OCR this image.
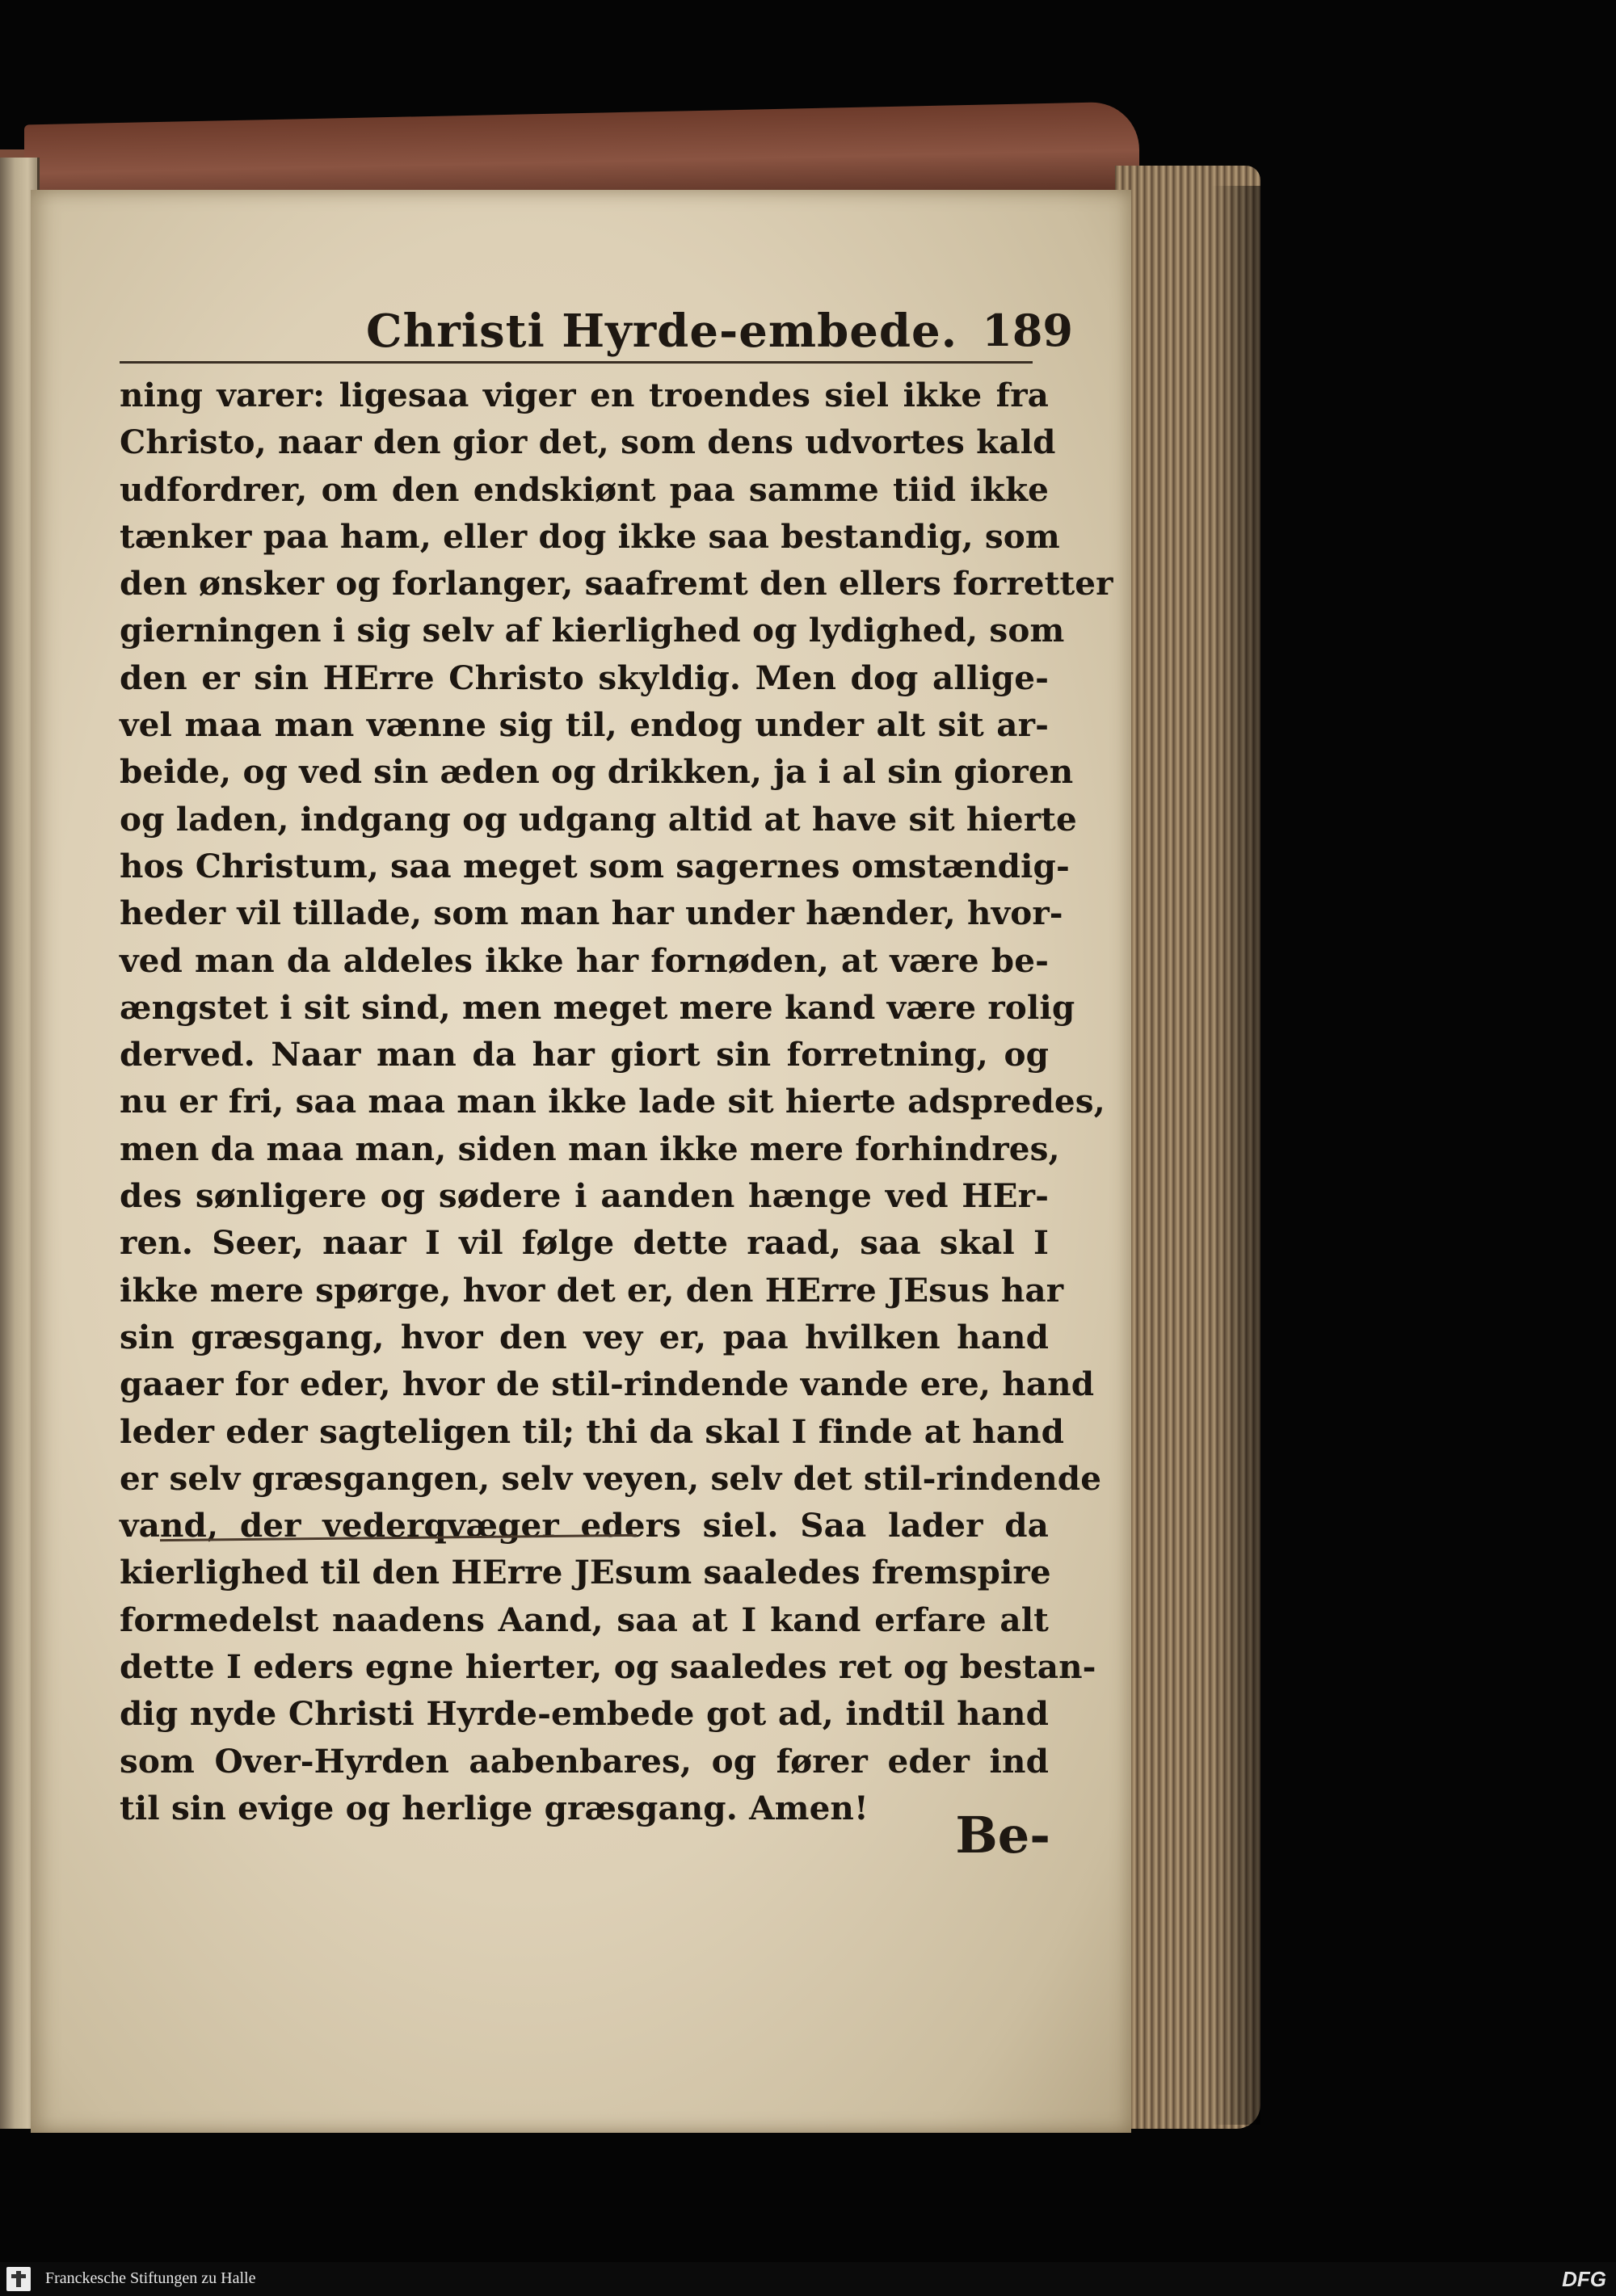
Christi Hyrde-embede. 189
ning varer: ligesaa viger en troendes siel ikke fra
Christo, naar den gior det, som dens udvortes kald
udfordrer, om den endskiønt paa samme tiid ikke
tænker paa ham, eller dog ikke saa bestandig, som
den ønsker og forlanger, saafremt den ellers forretter
gierningen i sig selv af kierlighed og lydighed, som
den er sin HErre Christo skyldig. Men dog allige-
vel maa man vænne sig til, endog under alt sit ar-
beide, og ved sin æden og drikken, ja i al sin gioren
og laden, indgang og udgang altid at have sit hierte
hos Christum, saa meget som sagernes omstændig-
heder vil tillade, som man har under hænder, hvor-
ved man da aldeles ikke har fornøden, at være be-
ængstet i sit sind, men meget mere kand være rolig
derved. Naar man da har giort sin forretning, og
nu er fri, saa maa man ikke lade sit hierte adspredes,
men da maa man, siden man ikke mere forhindres,
des sønligere og sødere i aanden hænge ved HEr-
ren. Seer, naar I vil følge dette raad, saa skal I
ikke mere spørge, hvor det er, den HErre JEsus har
sin græsgang, hvor den vey er, paa hvilken hand
gaaer for eder, hvor de stil-rindende vande ere, hand
leder eder sagteligen til; thi da skal I finde at hand
er selv græsgangen, selv veyen, selv det stil-rindende
vand, der vederqvæger eders siel. Saa lader da
kierlighed til den HErre JEsum saaledes fremspire
formedelst naadens Aand, saa at I kand erfare alt
dette I eders egne hierter, og saaledes ret og bestan-
dig nyde Christi Hyrde-embede got ad, indtil hand
som Over-Hyrden aabenbares, og fører eder ind
til sin evige og herlige græsgang. Amen!	Be-
Franckesche Stiftungen zu Halle	DFG
